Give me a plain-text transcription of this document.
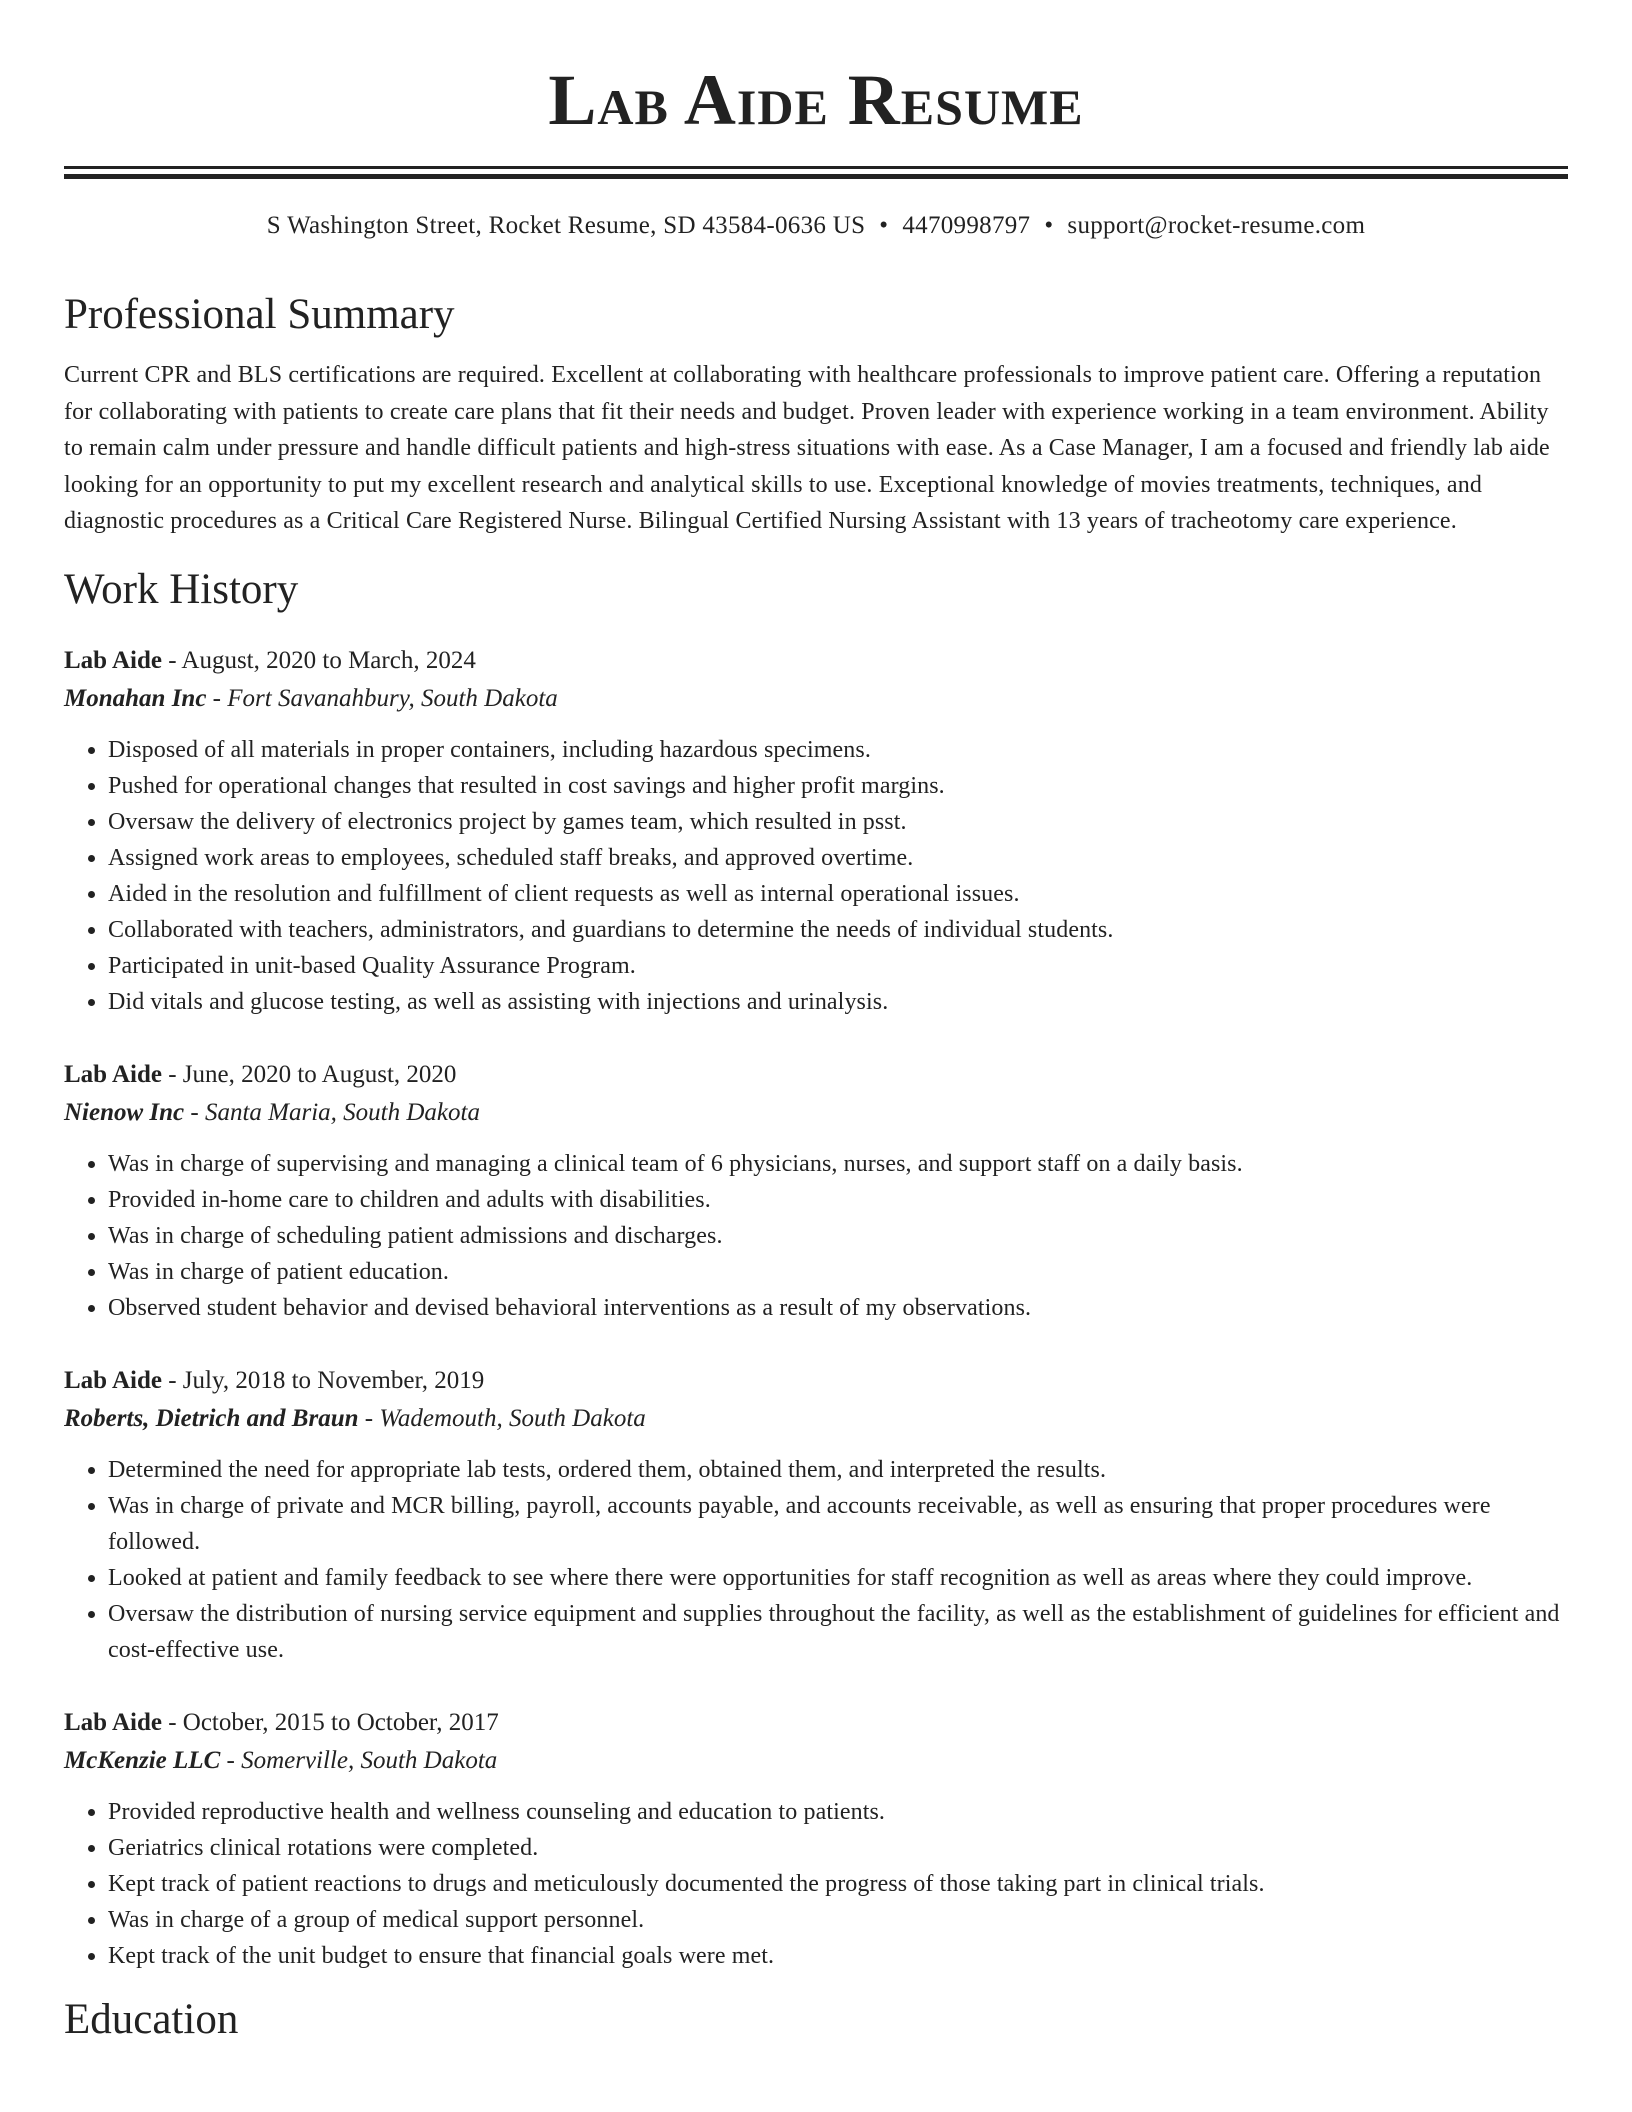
Lab Aide Resume
S Washington Street, Rocket Resume, SD 43584-0636 US • 4470998797 • support@rocket-resume.com
Professional Summary

Current CPR and BLS certifications are required. Excellent at collaborating with healthcare professionals to improve patient care. Offering a reputation for collaborating with patients to create care plans that fit their needs and budget. Proven leader with experience working in a team environment. Ability to remain calm under pressure and handle difficult patients and high-stress situations with ease. As a Case Manager, I am a focused and friendly lab aide looking for an opportunity to put my excellent research and analytical skills to use. Exceptional knowledge of movies treatments, techniques, and diagnostic procedures as a Critical Care Registered Nurse. Bilingual Certified Nursing Assistant with 13 years of tracheotomy care experience.

Work History
Lab Aide - August, 2020 to March, 2024
Monahan Inc - Fort Savanahbury, South Dakota
• Disposed of all materials in proper containers, including hazardous specimens.
• Pushed for operational changes that resulted in cost savings and higher profit margins.
• Oversaw the delivery of electronics project by games team, which resulted in psst.
• Assigned work areas to employees, scheduled staff breaks, and approved overtime.
• Aided in the resolution and fulfillment of client requests as well as internal operational issues.
• Collaborated with teachers, administrators, and guardians to determine the needs of individual students.
• Participated in unit-based Quality Assurance Program.
• Did vitals and glucose testing, as well as assisting with injections and urinalysis.
Lab Aide - June, 2020 to August, 2020
Nienow Inc - Santa Maria, South Dakota
• Was in charge of supervising and managing a clinical team of 6 physicians, nurses, and support staff on a daily basis.
• Provided in-home care to children and adults with disabilities.
• Was in charge of scheduling patient admissions and discharges.
• Was in charge of patient education.
• Observed student behavior and devised behavioral interventions as a result of my observations.
Lab Aide - July, 2018 to November, 2019
Roberts, Dietrich and Braun - Wademouth, South Dakota
• Determined the need for appropriate lab tests, ordered them, obtained them, and interpreted the results.
• Was in charge of private and MCR billing, payroll, accounts payable, and accounts receivable, as well as ensuring that proper procedures were followed.
• Looked at patient and family feedback to see where there were opportunities for staff recognition as well as areas where they could improve.
• Oversaw the distribution of nursing service equipment and supplies throughout the facility, as well as the establishment of guidelines for efficient and cost-effective use.
Lab Aide - October, 2015 to October, 2017
McKenzie LLC - Somerville, South Dakota
• Provided reproductive health and wellness counseling and education to patients.
• Geriatrics clinical rotations were completed.
• Kept track of patient reactions to drugs and meticulously documented the progress of those taking part in clinical trials.
• Was in charge of a group of medical support personnel.
• Kept track of the unit budget to ensure that financial goals were met.
Education
